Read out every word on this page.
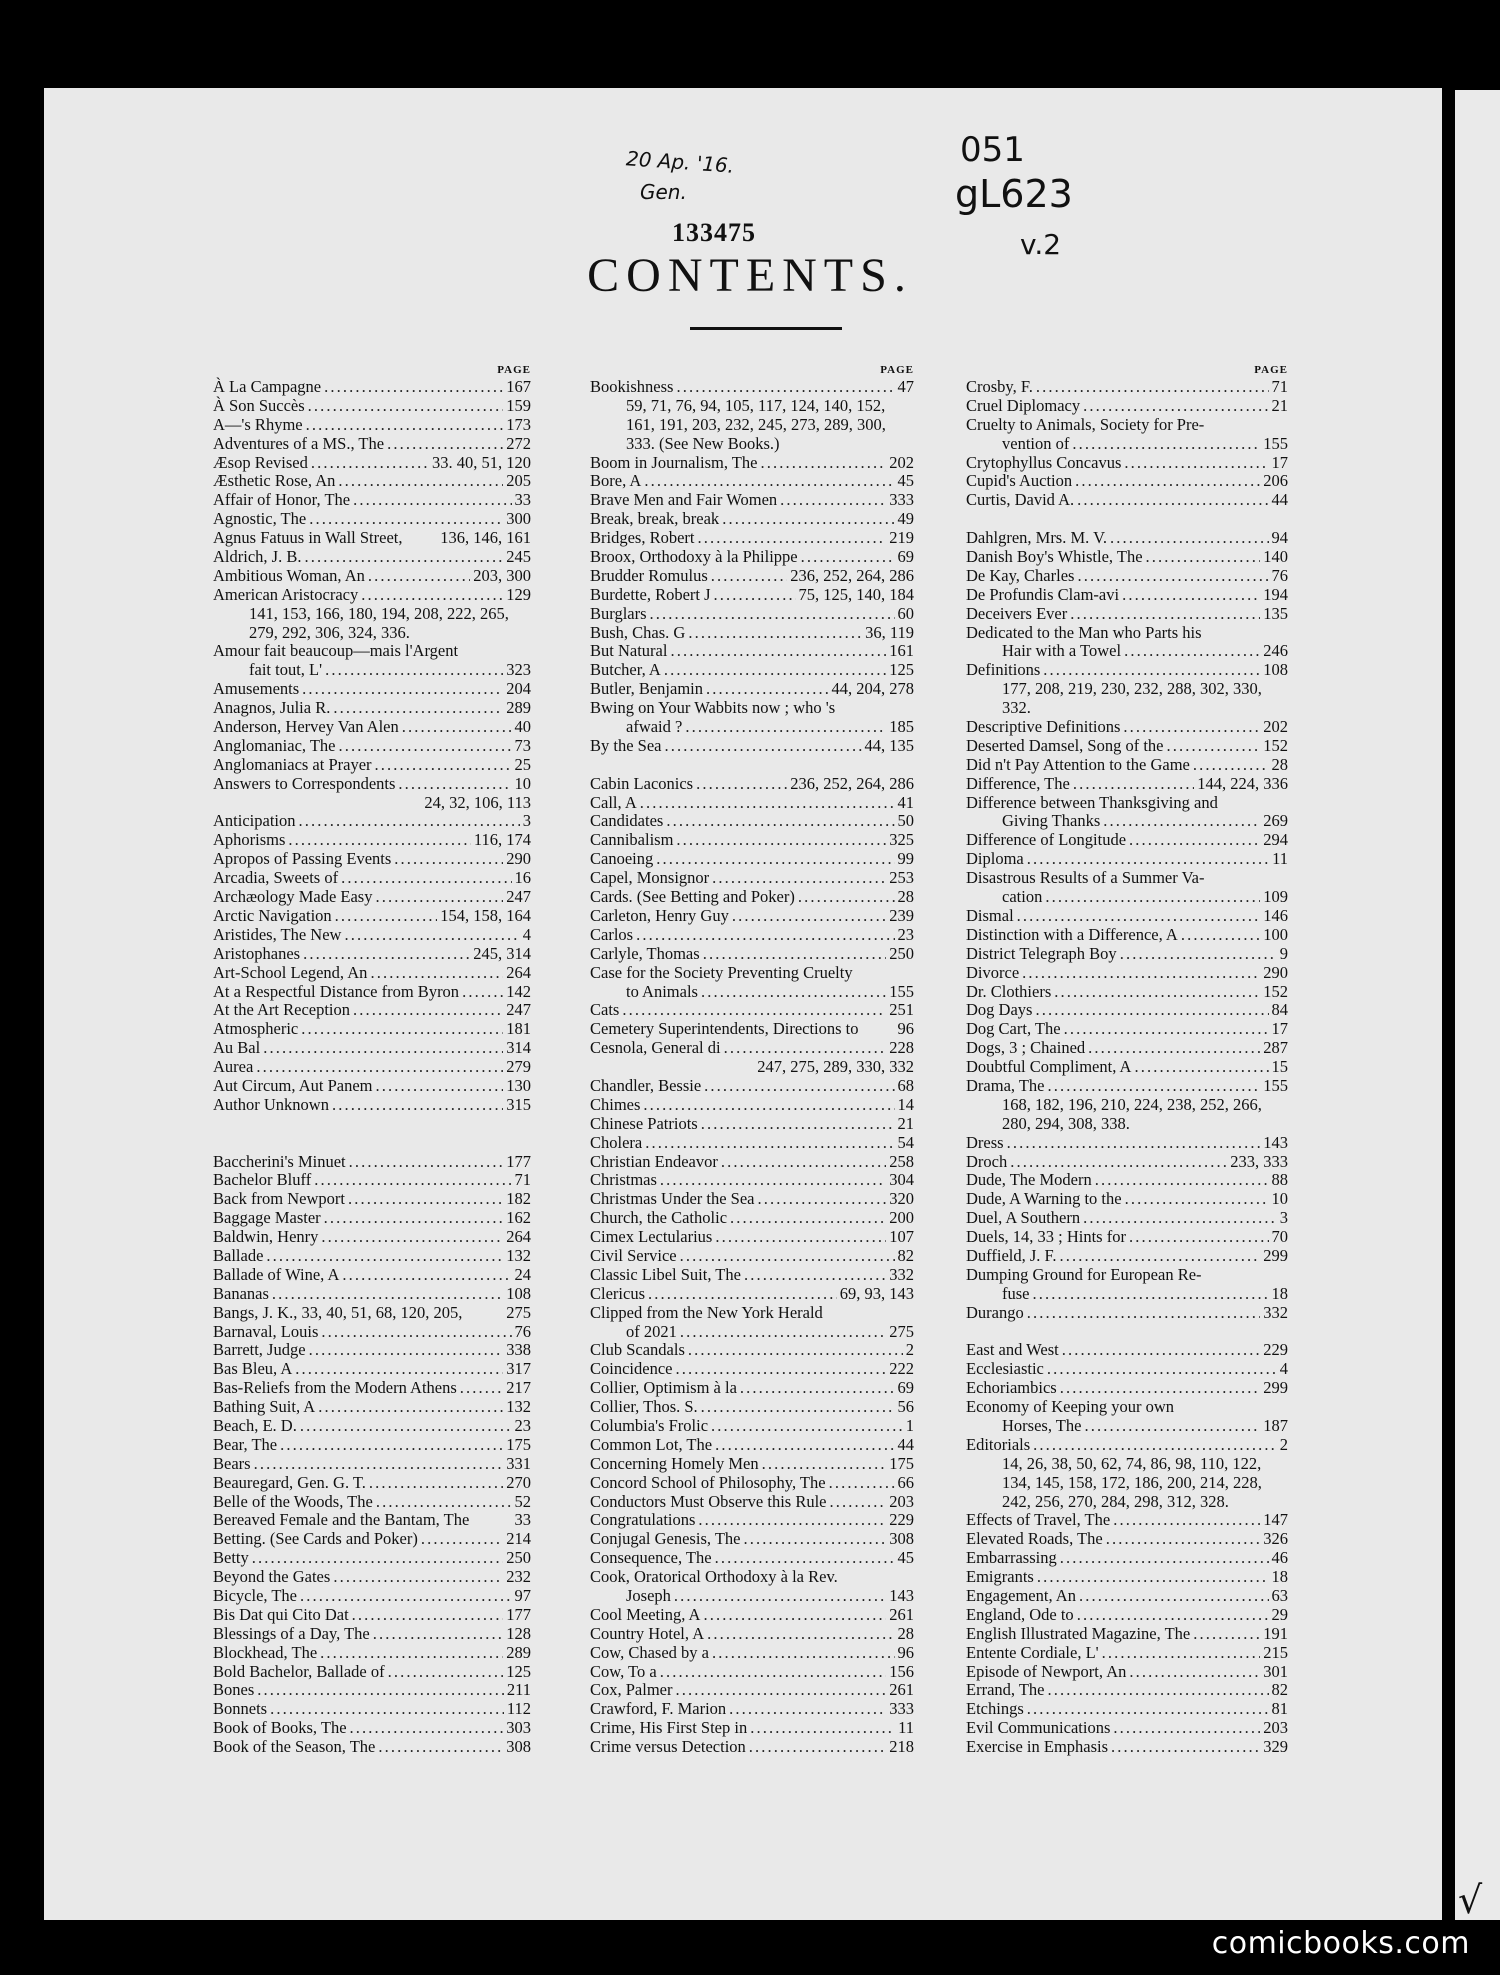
20 Ap. '16.
Gen.
051
gL623
v.2
133475
CONTENTS.
PAGE
À La Campagne . . .	167
À Son Succès . . .	159
A—'s Rhyme . . .	173
Adventures of a MS., The . . .	272
Æsop Revised . . .	33. 40, 51, 120
Æsthetic Rose, An . . .	205
Affair of Honor, The . . .	33
Agnostic, The . . .	300
Agnus Fatuus in Wall Street, 136, 146, 161
Aldrich, J. B. . . .	245
Ambitious Woman, An . . .	203, 300
American Aristocracy . . .	129
141, 153, 166, 180, 194, 208, 222, 265,
279, 292, 306, 324, 336.
Amour fait beaucoup—mais l'Argent
fait tout, L' . . .	323
Amusements . . .	204
Anagnos, Julia R. . . .	289
Anderson, Hervey Van Alen . . .	40
Anglomaniac, The . . .	73
Anglomaniacs at Prayer . . .	25
Answers to Correspondents . . .	10
24, 32, 106, 113
Anticipation . . .	3
Aphorisms . . .	116, 174
Apropos of Passing Events . . .	290
Arcadia, Sweets of . . .	16
Archæology Made Easy . . .	247
Arctic Navigation . . .	154, 158, 164
Aristides, The New . . .	4
Aristophanes . . .	245, 314
Art-School Legend, An . . .	264
At a Respectful Distance from Byron . . .	142
At the Art Reception . . .	247
Atmospheric . . .	181
Au Bal . . .	314
Aurea . . .	279
Aut Circum, Aut Panem . . .	130
Author Unknown . . .	315
Baccherini's Minuet . . .	177
Bachelor Bluff . . .	71
Back from Newport . . .	182
Baggage Master . . .	162
Baldwin, Henry . . .	264
Ballade . . .	132
Ballade of Wine, A . . .	24
Bananas . . .	108
Bangs, J. K., 33, 40, 51, 68, 120, 205,	275
Barnaval, Louis . . .	76
Barrett, Judge . . .	338
Bas Bleu, A . . .	317
Bas-Reliefs from the Modern Athens . . .	217
Bathing Suit, A . . .	132
Beach, E. D. . . .	23
Bear, The . . .	175
Bears . . .	331
Beauregard, Gen. G. T. . . .	270
Belle of the Woods, The . . .	52
Bereaved Female and the Bantam, The	33
Betting. (See Cards and Poker) . . .	214
Betty . . .	250
Beyond the Gates . . .	232
Bicycle, The . . .	97
Bis Dat qui Cito Dat . . .	177
Blessings of a Day, The . . .	128
Blockhead, The . . .	289
Bold Bachelor, Ballade of . . .	125
Bones . . .	211
Bonnets . . .	112
Book of Books, The . . .	303
Book of the Season, The . . .	308
PAGE
Bookishness . . .	47
59, 71, 76, 94, 105, 117, 124, 140, 152,
161, 191, 203, 232, 245, 273, 289, 300,
333. (See New Books.)
Boom in Journalism, The . . .	202
Bore, A . . .	45
Brave Men and Fair Women . . .	333
Break, break, break . . .	49
Bridges, Robert . . .	219
Broox, Orthodoxy à la Philippe . . .	69
Brudder Romulus . . .	236, 252, 264, 286
Burdette, Robert J . . .	75, 125, 140, 184
Burglars . . .	60
Bush, Chas. G . . .	36, 119
But Natural . . .	161
Butcher, A . . .	125
Butler, Benjamin . . .	44, 204, 278
Bwing on Your Wabbits now ; who 's
afwaid ? . . .	185
By the Sea . . .	44, 135
Cabin Laconics . . .	236, 252, 264, 286
Call, A . . .	41
Candidates . . .	50
Cannibalism . . .	325
Canoeing . . .	99
Capel, Monsignor . . .	253
Cards. (See Betting and Poker) . . .	28
Carleton, Henry Guy . . .	239
Carlos . . .	23
Carlyle, Thomas . . .	250
Case for the Society Preventing Cruelty
to Animals . . .	155
Cats . . .	251
Cemetery Superintendents, Directions to 96
Cesnola, General di . . .	228
247, 275, 289, 330, 332
Chandler, Bessie . . .	68
Chimes . . .	14
Chinese Patriots . . .	21
Cholera . . .	54
Christian Endeavor . . .	258
Christmas . . .	304
Christmas Under the Sea . . .	320
Church, the Catholic . . .	200
Cimex Lectularius . . .	107
Civil Service . . .	82
Classic Libel Suit, The . . .	332
Clericus . . .	69, 93, 143
Clipped from the New York Herald
of 2021 . . .	275
Club Scandals . . .	2
Coincidence . . .	222
Collier, Optimism à la . . .	69
Collier, Thos. S. . . .	56
Columbia's Frolic . . .	1
Common Lot, The . . .	44
Concerning Homely Men . . .	175
Concord School of Philosophy, The . . .	66
Conductors Must Observe this Rule . . .	203
Congratulations . . .	229
Conjugal Genesis, The . . .	308
Consequence, The . . .	45
Cook, Oratorical Orthodoxy à la Rev.
Joseph . . .	143
Cool Meeting, A . . .	261
Country Hotel, A . . .	28
Cow, Chased by a . . .	96
Cow, To a . . .	156
Cox, Palmer . . .	261
Crawford, F. Marion . . .	333
Crime, His First Step in . . .	11
Crime versus Detection . . .	218
PAGE
Crosby, F. . . .	71
Cruel Diplomacy . . .	21
Cruelty to Animals, Society for Pre-
vention of . . .	155
Crytophyllus Concavus . . .	17
Cupid's Auction . . .	206
Curtis, David A. . . .	44
Dahlgren, Mrs. M. V. . . .	94
Danish Boy's Whistle, The . . .	140
De Kay, Charles . . .	76
De Profundis Clam-avi . . .	194
Deceivers Ever . . .	135
Dedicated to the Man who Parts his
Hair with a Towel . . .	246
Definitions . . .	108
177, 208, 219, 230, 232, 288, 302, 330,
332.
Descriptive Definitions . . .	202
Deserted Damsel, Song of the . . .	152
Did n't Pay Attention to the Game . . .	28
Difference, The . . .	144, 224, 336
Difference between Thanksgiving and
Giving Thanks . . .	269
Difference of Longitude . . .	294
Diploma . . .	11
Disastrous Results of a Summer Va-
cation . . .	109
Dismal . . .	146
Distinction with a Difference, A . . .	100
District Telegraph Boy . . .	9
Divorce . . .	290
Dr. Clothiers . . .	152
Dog Days . . .	84
Dog Cart, The . . .	17
Dogs, 3 ; Chained . . .	287
Doubtful Compliment, A . . .	15
Drama, The . . .	155
168, 182, 196, 210, 224, 238, 252, 266,
280, 294, 308, 338.
Dress . . .	143
Droch . . .	233, 333
Dude, The Modern . . .	88
Dude, A Warning to the . . .	10
Duel, A Southern . . .	3
Duels, 14, 33 ; Hints for . . .	70
Duffield, J. F. . . .	299
Dumping Ground for European Re-
fuse . . .	18
Durango . . .	332
East and West . . .	229
Ecclesiastic . . .	4
Echoriambics . . .	299
Economy of Keeping your own
Horses, The . . .	187
Editorials . . .	2
14, 26, 38, 50, 62, 74, 86, 98, 110, 122,
134, 145, 158, 172, 186, 200, 214, 228,
242, 256, 270, 284, 298, 312, 328.
Effects of Travel, The . . .	147
Elevated Roads, The . . .	326
Embarrassing . . .	46
Emigrants . . .	18
Engagement, An . . .	63
England, Ode to . . .	29
English Illustrated Magazine, The . . .	191
Entente Cordiale, L' . . .	215
Episode of Newport, An . . .	301
Errand, The . . .	82
Etchings . . .	81
Evil Communications . . .	203
Exercise in Emphasis . . .	329
√
comicbooks.com
